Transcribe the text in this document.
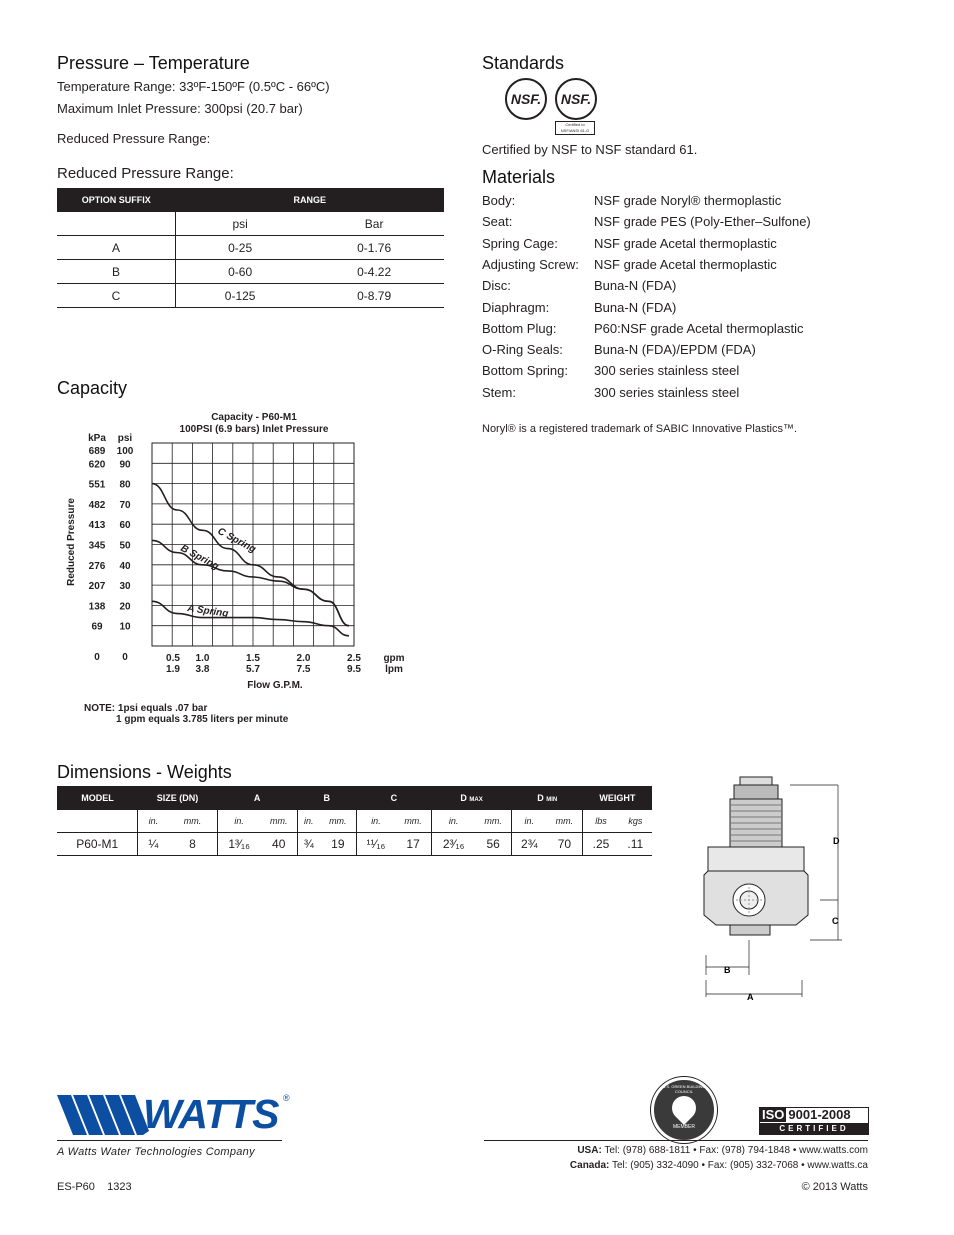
Pressure – Temperature
Temperature Range: 33ºF-150ºF (0.5ºC - 66ºC)
Maximum Inlet Pressure: 300psi (20.7 bar)
Reduced Pressure Range:
Reduced Pressure Range:
OPTION SUFFIX	RANGE	
	psi	Bar
A	0-25	0-1.76
B	0-60	0-4.22
C	0-125	0-8.79
Standards
NSF.	NSF.
Certified to NSF/ANSI 61-G
Certified by NSF to NSF standard 61.
Materials
Body:	NSF grade Noryl® thermoplastic
Seat:	NSF grade PES (Poly-Ether–Sulfone)
Spring Cage:	NSF grade Acetal thermoplastic
Adjusting Screw: NSF grade Acetal thermoplastic
Disc:	Buna-N (FDA)
Diaphragm:	Buna-N (FDA)
Bottom Plug:	P60:NSF grade Acetal thermoplastic
O-Ring Seals: Buna-N (FDA)/EPDM (FDA)
Bottom Spring: 300 series stainless steel
Stem:	300 series stainless steel
Noryl® is a registered trademark of SABIC Innovative Plastics™.
Capacity
Capacity - P60-M1
100PSI (6.9 bars) Inlet Pressure
kPa psi
Reduced Pressure
Flow G.P.M.
gpm
lpm
0
0
10
69
20
138
30
207
40
276
50
345
60
413
70
482
80
551
90
620
100
689
0.5
1.9
1.0
3.8
1.5
5.7
2.0
7.5
2.5
9.5
C Spring
B Spring
A Spring
NOTE: 1psi equals .07 bar
1 gpm equals 3.785 liters per minute
Dimensions - Weights
MODEL	SIZE (DN)		A		B		C		D MAX		D MIN		WEIGHT	
	in.	mm.	in.	mm.	in.	mm.	in.	mm.	in.	mm.	in.	mm.	lbs	kgs
P60-M1	¼	8	1³⁄₁₆	40	¾	19	¹¹⁄₁₆	17	2³⁄₁₆	56	2¾	70	.25	.11	D
C
B
A
WATTS ®
A Watts Water Technologies Company
MEMBER
U.S. GREEN BUILDING COUNCIL
ISO 9001-2008
CERTIFIED
USA: Tel: (978) 688-1811 • Fax: (978) 794-1848 • www.watts.com
Canada: Tel: (905) 332-4090 • Fax: (905) 332-7068 • www.watts.ca
ES-P60 1323	© 2013 Watts
